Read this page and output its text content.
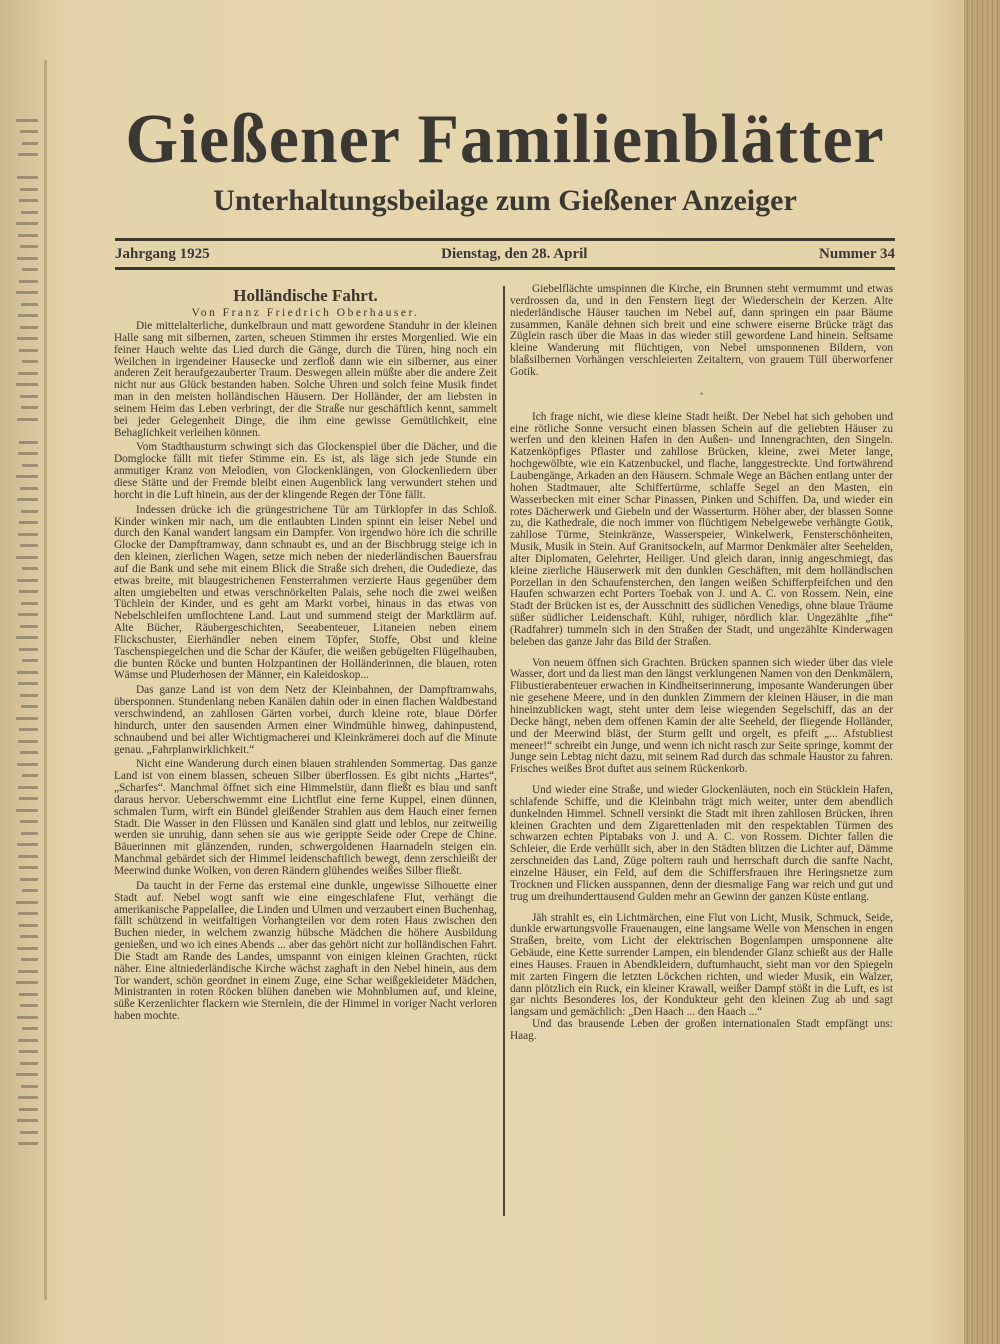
Gießener Familienblätter
Unterhaltungsbeilage zum Gießener Anzeiger
Jahrgang 1925	Dienstag, den 28. April	Nummer 34
Holländische Fahrt.
Von Franz Friedrich Oberhauser.

Die mittelalterliche, dunkelbraun und matt gewordene Standuhr in der kleinen Halle sang mit silbernen, zarten, scheuen Stimmen ihr erstes Morgenlied. Wie ein feiner Hauch wehte das Lied durch die Gänge, durch die Türen, hing noch ein Weilchen in irgendeiner Hausecke und zerfloß dann wie ein silberner, aus einer anderen Zeit heraufgezauberter Traum. Deswegen allein müßte aber die andere Zeit nicht nur aus Glück bestanden haben. Solche Uhren und solch feine Musik findet man in den meisten holländischen Häusern. Der Holländer, der am liebsten in seinem Heim das Leben verbringt, der die Straße nur geschäftlich kennt, sammelt bei jeder Gelegenheit Dinge, die ihm eine gewisse Gemütlichkeit, eine Behaglichkeit verleihen können.

Vom Stadthausturm schwingt sich das Glockenspiel über die Dächer, und die Domglocke fällt mit tiefer Stimme ein. Es ist, als läge sich jede Stunde ein anmutiger Kranz von Melodien, von Glockenklängen, von Glockenliedern über diese Stätte und der Fremde bleibt einen Augenblick lang verwundert stehen und horcht in die Luft hinein, aus der der klingende Regen der Töne fällt.

Indessen drücke ich die grüngestrichene Tür am Türklopfer in das Schloß. Kinder winken mir nach, um die entlaubten Linden spinnt ein leiser Nebel und durch den Kanal wandert langsam ein Dampfer. Von irgendwo höre ich die schrille Glocke der Dampftramway, dann schnaubt es, und an der Bischbrugg steige ich in den kleinen, zierlichen Wagen, setze mich neben der niederländischen Bauersfrau auf die Bank und sehe mit einem Blick die Straße sich drehen, die Oudedieze, das etwas breite, mit blaugestrichenen Fensterrahmen verzierte Haus gegenüber dem alten umgiebelten und etwas verschnörkelten Palais, sehe noch die zwei weißen Tüchlein der Kinder, und es geht am Markt vorbei, hinaus in das etwas von Nebelschleifen umflochtene Land. Laut und summend steigt der Marktlärm auf. Alte Bücher, Räubergeschichten, Seeabenteuer, Litaneien neben einem Flickschuster, Eierhändler neben einem Töpfer, Stoffe, Obst und kleine Taschenspiegelchen und die Schar der Käufer, die weißen gebügelten Flügelhauben, die bunten Röcke und bunten Holzpantinen der Holländerinnen, die blauen, roten Wämse und Pluderhosen der Männer, ein Kaleidoskop...

Das ganze Land ist von dem Netz der Kleinbahnen, der Dampftramwahs, übersponnen. Stundenlang neben Kanälen dahin oder in einen flachen Waldbestand verschwindend, an zahllosen Gärten vorbei, durch kleine rote, blaue Dörfer hindurch, unter den sausenden Armen einer Windmühle hinweg, dahinpustend, schnaubend und bei aller Wichtigmacherei und Kleinkrämerei doch auf die Minute genau. „Fahrplanwirklichkeit.“

Nicht eine Wanderung durch einen blauen strahlenden Sommertag. Das ganze Land ist von einem blassen, scheuen Silber überflossen. Es gibt nichts „Hartes“, „Scharfes“. Manchmal öffnet sich eine Himmelstür, dann fließt es blau und sanft daraus hervor. Ueberschwemmt eine Lichtflut eine ferne Kuppel, einen dünnen, schmalen Turm, wirft ein Bündel gleißender Strahlen aus dem Hauch einer fernen Stadt. Die Wasser in den Flüssen und Kanälen sind glatt und leblos, nur zeitweilig werden sie unruhig, dann sehen sie aus wie gerippte Seide oder Crepe de Chine. Bäuerinnen mit glänzenden, runden, schwergoldenen Haarnadeln steigen ein. Manchmal gebärdet sich der Himmel leidenschaftlich bewegt, denn zerschleißt der Meerwind dunke Wolken, von deren Rändern glühendes weißes Silber fließt.

Da taucht in der Ferne das erstemal eine dunkle, ungewisse Silhouette einer Stadt auf. Nebel wogt sanft wie eine eingeschlafene Flut, verhängt die amerikanische Pappelallee, die Linden und Ulmen und verzaubert einen Buchenhag, fällt schützend in weitfaltigen Vorhangteilen vor dem roten Haus zwischen den Buchen nieder, in welchem zwanzig hübsche Mädchen die höhere Ausbildung genießen, und wo ich eines Abends ... aber das gehört nicht zur holländischen Fahrt. Die Stadt am Rande des Landes, umspannt von einigen kleinen Grachten, rückt näher. Eine altniederländische Kirche wächst zaghaft in den Nebel hinein, aus dem Tor wandert, schön geordnet in einem Zuge, eine Schar weißgekleideter Mädchen, Ministranten in roten Röcken blühen daneben wie Mohnblumen auf, und kleine, süße Kerzenlichter flackern wie Sternlein, die der Himmel in voriger Nacht verloren haben mochte.

Giebelflächte umspinnen die Kirche, ein Brunnen steht vermummt und etwas verdrossen da, und in den Fenstern liegt der Wiederschein der Kerzen. Alte niederländische Häuser tauchen im Nebel auf, dann springen ein paar Bäume zusammen, Kanäle dehnen sich breit und eine schwere eiserne Brücke trägt das Züglein rasch über die Maas in das wieder still gewordene Land hinein. Seltsame kleine Wanderung mit flüchtigen, von Nebel umsponnenen Bildern, von blaßsilbernen Vorhängen verschleierten Zeitaltern, von grauem Tüll überworfener Gotik.

°

Ich frage nicht, wie diese kleine Stadt heißt. Der Nebel hat sich gehoben und eine rötliche Sonne versucht einen blassen Schein auf die geliebten Häuser zu werfen und den kleinen Hafen in den Außen- und Innengrachten, den Singeln. Katzenköpfiges Pflaster und zahllose Brücken, kleine, zwei Meter lange, hochgewölbte, wie ein Katzenbuckel, und flache, langgestreckte. Und fortwährend Laubengänge, Arkaden an den Häusern. Schmale Wege an Bächen entlang unter der hohen Stadtmauer, alte Schiffertürme, schlaffe Segel an den Masten, ein Wasserbecken mit einer Schar Pinassen, Pinken und Schiffen. Da, und wieder ein rotes Dächerwerk und Giebeln und der Wasserturm. Höher aber, der blassen Sonne zu, die Kathedrale, die noch immer von flüchtigem Nebelgewebe verhängte Gotik, zahllose Türme, Steinkränze, Wasserspeier, Winkelwerk, Fensterschönheiten, Musik, Musik in Stein. Auf Granitsockeln, auf Marmor Denkmäler alter Seehelden, alter Diplomaten, Gelehrter, Heiliger. Und gleich daran, innig angeschmiegt, das kleine zierliche Häuserwerk mit den dunklen Geschäften, mit dem holländischen Porzellan in den Schaufensterchen, den langen weißen Schifferpfeifchen und den Haufen schwarzen echt Porters Toebak von J. und A. C. von Rossem. Nein, eine Stadt der Brücken ist es, der Ausschnitt des südlichen Venedigs, ohne blaue Träume süßer südlicher Leidenschaft. Kühl, ruhiger, nördlich klar. Ungezählte „fihe“ (Radfahrer) tummeln sich in den Straßen der Stadt, und ungezählte Kinderwagen beleben das ganze Jahr das Bild der Straßen.

Von neuem öffnen sich Grachten. Brücken spannen sich wieder über das viele Wasser, dort und da liest man den längst verklungenen Namen von den Denkmälern, Flibustierabenteuer erwachen in Kindheitserinnerung, imposante Wanderungen über nie gesehene Meere, und in den dunklen Zimmern der kleinen Häuser, in die man hineinzublicken wagt, steht unter dem leise wiegenden Segelschiff, das an der Decke hängt, neben dem offenen Kamin der alte Seeheld, der fliegende Holländer, und der Meerwind bläst, der Sturm gellt und orgelt, es pfeift „... Afstubliest meneer!“ schreibt ein Junge, und wenn ich nicht rasch zur Seite springe, kommt der Junge sein Lebtag nicht dazu, mit seinem Rad durch das schmale Haustor zu fahren. Frisches weißes Brot duftet aus seinem Rückenkorb.

Und wieder eine Straße, und wieder Glockenläuten, noch ein Stücklein Hafen, schlafende Schiffe, und die Kleinbahn trägt mich weiter, unter dem abendlich dunkelnden Himmel. Schnell versinkt die Stadt mit ihren zahllosen Brücken, ihren kleinen Grachten und dem Zigarettenladen mit den respektablen Türmen des schwarzen echten Piptabaks von J. und A. C. von Rossem. Dichter fallen die Schleier, die Erde verhüllt sich, aber in den Städten blitzen die Lichter auf, Dämme zerschneiden das Land, Züge poltern rauh und herrschaft durch die sanfte Nacht, einzelne Häuser, ein Feld, auf dem die Schiffersfrauen ihre Heringsnetze zum Trocknen und Flicken ausspannen, denn der diesmalige Fang war reich und gut und trug um dreihunderttausend Gulden mehr an Gewinn der ganzen Küste entlang.

Jäh strahlt es, ein Lichtmärchen, eine Flut von Licht, Musik, Schmuck, Seide, dunkle erwartungsvolle Frauenaugen, eine langsame Welle von Menschen in engen Straßen, breite, vom Licht der elektrischen Bogenlampen umsponnene alte Gebäude, eine Kette surrender Lampen, ein blendender Glanz schießt aus der Halle eines Hauses. Frauen in Abendkleidern, duftumhaucht, sieht man vor den Spiegeln mit zarten Fingern die letzten Löckchen richten, und wieder Musik, ein Walzer, dann plötzlich ein Ruck, ein kleiner Krawall, weißer Dampf stößt in die Luft, es ist gar nichts Besonderes los, der Kondukteur geht den kleinen Zug ab und sagt langsam und gemächlich: „Den Haach ... den Haach ...“

Und das brausende Leben der großen internationalen Stadt empfängt uns: Haag.
